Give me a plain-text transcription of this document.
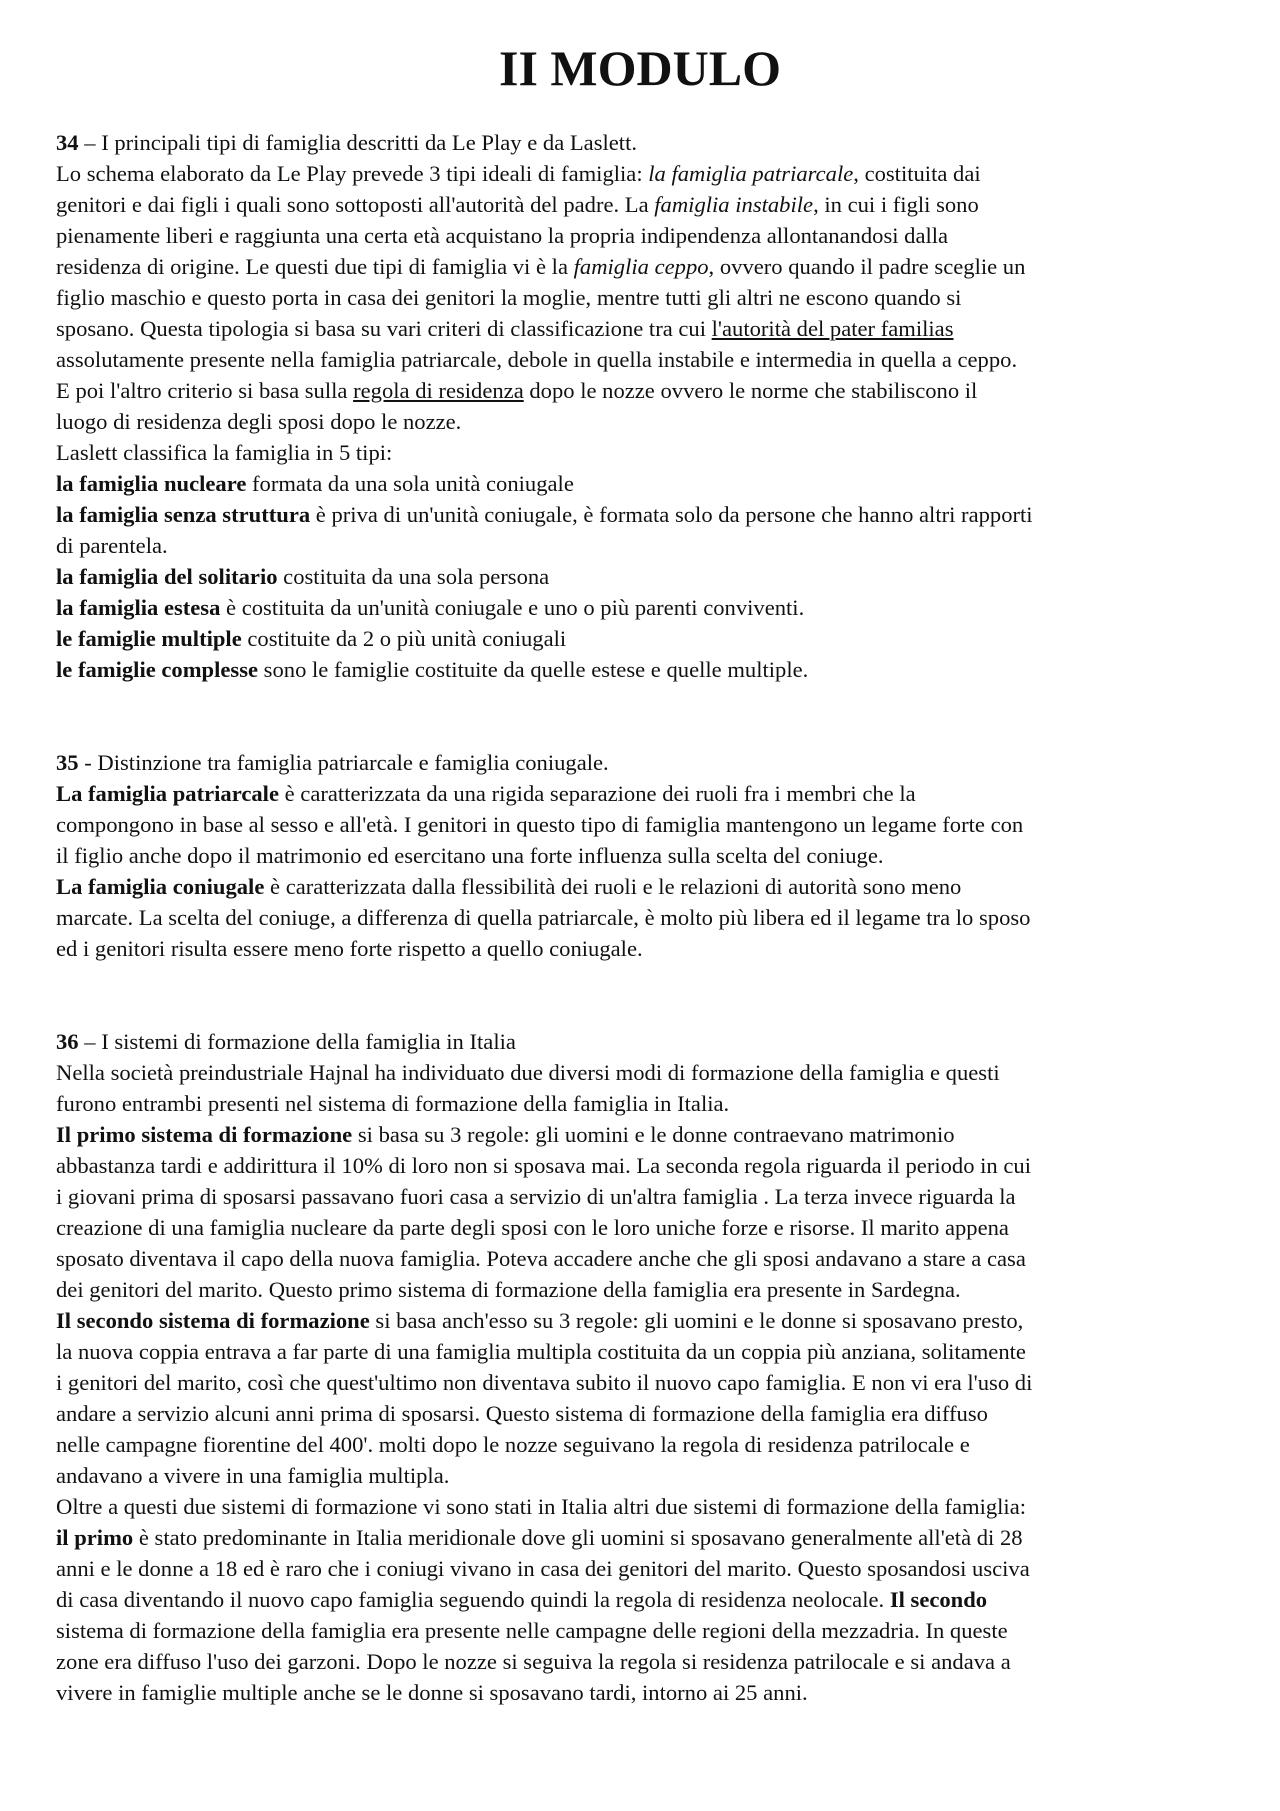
II MODULO
34 – I principali tipi di famiglia descritti da Le Play e da Laslett.
Lo schema elaborato da Le Play prevede 3 tipi ideali di famiglia: la famiglia patriarcale, costituita dai
genitori e dai figli i quali sono sottoposti all'autorità del padre. La famiglia instabile, in cui i figli sono
pienamente liberi e raggiunta una certa età acquistano la propria indipendenza allontanandosi dalla
residenza di origine. Le questi due tipi di famiglia vi è la famiglia ceppo, ovvero quando il padre sceglie un
figlio maschio e questo porta in casa dei genitori la moglie, mentre tutti gli altri ne escono quando si
sposano. Questa tipologia si basa su vari criteri di classificazione tra cui l'autorità del pater familias
assolutamente presente nella famiglia patriarcale, debole in quella instabile e intermedia in quella a ceppo.
E poi l'altro criterio si basa sulla regola di residenza dopo le nozze ovvero le norme che stabiliscono il
luogo di residenza degli sposi dopo le nozze.
Laslett classifica la famiglia in 5 tipi:
la famiglia nucleare formata da una sola unità coniugale
la famiglia senza struttura è priva di un'unità coniugale, è formata solo da persone che hanno altri rapporti
di parentela.
la famiglia del solitario costituita da una sola persona
la famiglia estesa è costituita da un'unità coniugale e uno o più parenti conviventi.
le famiglie multiple costituite da 2 o più unità coniugali
le famiglie complesse sono le famiglie costituite da quelle estese e quelle multiple.
35 - Distinzione tra famiglia patriarcale e famiglia coniugale.
La famiglia patriarcale è caratterizzata da una rigida separazione dei ruoli fra i membri che la
compongono in base al sesso e all'età. I genitori in questo tipo di famiglia mantengono un legame forte con
il figlio anche dopo il matrimonio ed esercitano una forte influenza sulla scelta del coniuge.
La famiglia coniugale è caratterizzata dalla flessibilità dei ruoli e le relazioni di autorità sono meno
marcate. La scelta del coniuge, a differenza di quella patriarcale, è molto più libera ed il legame tra lo sposo
ed i genitori risulta essere meno forte rispetto a quello coniugale.
36 – I sistemi di formazione della famiglia in Italia
Nella società preindustriale Hajnal ha individuato due diversi modi di formazione della famiglia e questi
furono entrambi presenti nel sistema di formazione della famiglia in Italia.
Il primo sistema di formazione si basa su 3 regole: gli uomini e le donne contraevano matrimonio
abbastanza tardi e addirittura il 10% di loro non si sposava mai. La seconda regola riguarda il periodo in cui
i giovani prima di sposarsi passavano fuori casa a servizio di un'altra famiglia . La terza invece riguarda la
creazione di una famiglia nucleare da parte degli sposi con le loro uniche forze e risorse. Il marito appena
sposato diventava il capo della nuova famiglia. Poteva accadere anche che gli sposi andavano a stare a casa
dei genitori del marito. Questo primo sistema di formazione della famiglia era presente in Sardegna.
Il secondo sistema di formazione si basa anch'esso su 3 regole: gli uomini e le donne si sposavano presto,
la nuova coppia entrava a far parte di una famiglia multipla costituita da un coppia più anziana, solitamente
i genitori del marito, così che quest'ultimo non diventava subito il nuovo capo famiglia. E non vi era l'uso di
andare a servizio alcuni anni prima di sposarsi. Questo sistema di formazione della famiglia era diffuso
nelle campagne fiorentine del 400'. molti dopo le nozze seguivano la regola di residenza patrilocale e
andavano a vivere in una famiglia multipla.
Oltre a questi due sistemi di formazione vi sono stati in Italia altri due sistemi di formazione della famiglia:
il primo è stato predominante in Italia meridionale dove gli uomini si sposavano generalmente all'età di 28
anni e le donne a 18 ed è raro che i coniugi vivano in casa dei genitori del marito. Questo sposandosi usciva
di casa diventando il nuovo capo famiglia seguendo quindi la regola di residenza neolocale. Il secondo
sistema di formazione della famiglia era presente nelle campagne delle regioni della mezzadria. In queste
zone era diffuso l'uso dei garzoni. Dopo le nozze si seguiva la regola si residenza patrilocale e si andava a
vivere in famiglie multiple anche se le donne si sposavano tardi, intorno ai 25 anni.
